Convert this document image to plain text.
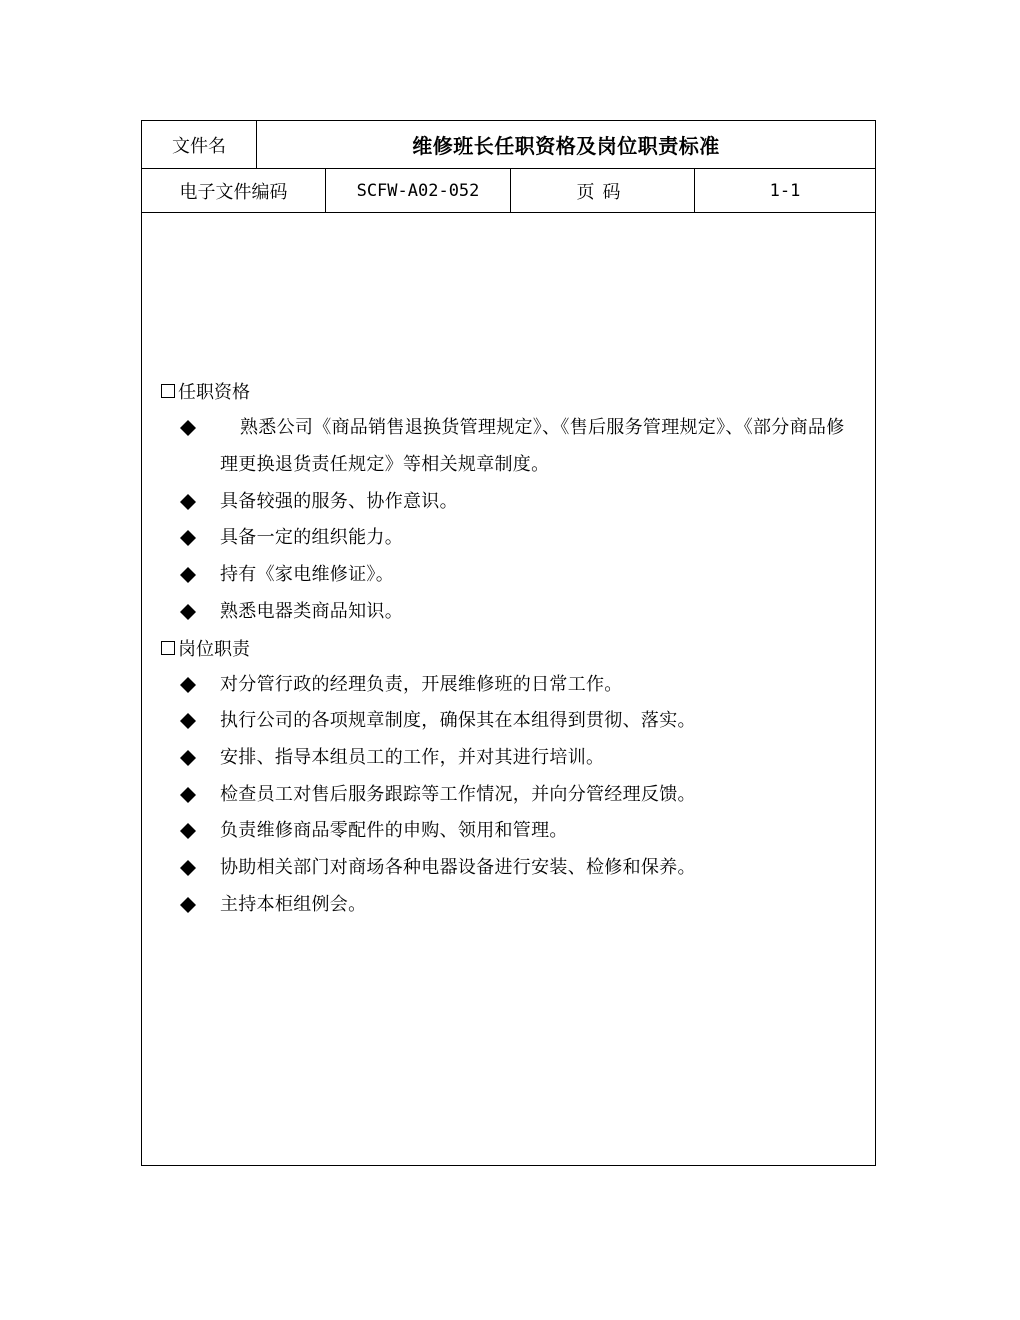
文件名	维修班长任职资格及岗位职责标准
电子文件编码	SCFW-A02-052	页码	1-1
任职资格
熟悉公司《商品销售退换货管理规定》、《售后服务管理规定》、《部分商品修理更换退货责任规定》等相关规章制度。
具备较强的服务、协作意识。
具备一定的组织能力。
持有《家电维修证》。
熟悉电器类商品知识。
岗位职责
对分管行政的经理负责，开展维修班的日常工作。
执行公司的各项规章制度，确保其在本组得到贯彻、落实。
安排、指导本组员工的工作，并对其进行培训。
检查员工对售后服务跟踪等工作情况，并向分管经理反馈。
负责维修商品零配件的申购、领用和管理。
协助相关部门对商场各种电器设备进行安装、检修和保养。
主持本柜组例会。
